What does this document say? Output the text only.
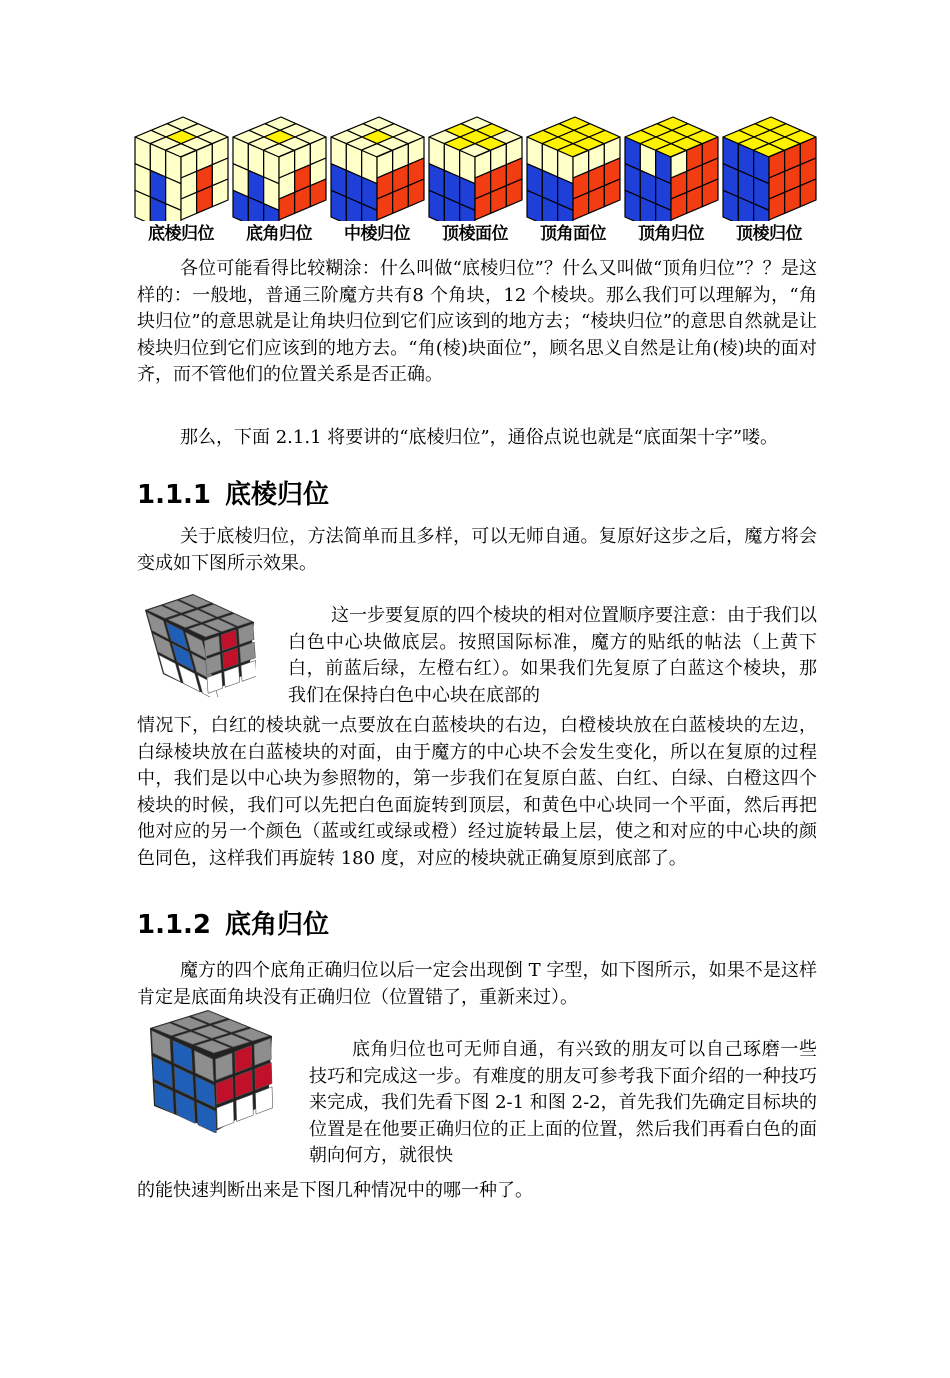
底棱归位	底角归位	中棱归位	顶棱面位	顶角面位	顶角归位	顶棱归位
各位可能看得比较糊涂：什么叫做“底棱归位”？什么又叫做“顶角归位”？？是这样的：一般地，普通三阶魔方共有8 个角块，12 个棱块。那么我们可以理解为，“角块归位”的意思就是让角块归位到它们应该到的地方去；“棱块归位”的意思自然就是让棱块归位到它们应该到的地方去。“角(棱)块面位”，顾名思义自然是让角(棱)块的面对齐，而不管他们的位置关系是否正确。
那么，下面 2.1.1 将要讲的“底棱归位”，通俗点说也就是“底面架十字”喽。
1.1.1 底棱归位
关于底棱归位，方法简单而且多样，可以无师自通。复原好这步之后，魔方将会变成如下图所示效果。
这一步要复原的四个棱块的相对位置顺序要注意：由于我们以白色中心块做底层。按照国际标准，魔方的贴纸的帖法（上黄下白，前蓝后绿，左橙右红）。如果我们先复原了白蓝这个棱块，那我们在保持白色中心块在底部的
情况下，白红的棱块就一点要放在白蓝棱块的右边，白橙棱块放在白蓝棱块的左边，白绿棱块放在白蓝棱块的对面，由于魔方的中心块不会发生变化，所以在复原的过程中，我们是以中心块为参照物的，第一步我们在复原白蓝、白红、白绿、白橙这四个棱块的时候，我们可以先把白色面旋转到顶层，和黄色中心块同一个平面，然后再把他对应的另一个颜色（蓝或红或绿或橙）经过旋转最上层，使之和对应的中心块的颜色同色，这样我们再旋转 180 度，对应的棱块就正确复原到底部了。
1.1.2 底角归位
魔方的四个底角正确归位以后一定会出现倒 T 字型，如下图所示，如果不是这样肯定是底面角块没有正确归位（位置错了，重新来过）。
底角归位也可无师自通，有兴致的朋友可以自己琢磨一些技巧和完成这一步。有难度的朋友可参考我下面介绍的一种技巧来完成，我们先看下图 2-1 和图 2-2，首先我们先确定目标块的位置是在他要正确归位的正上面的位置，然后我们再看白色的面朝向何方，就很快
的能快速判断出来是下图几种情况中的哪一种了。
